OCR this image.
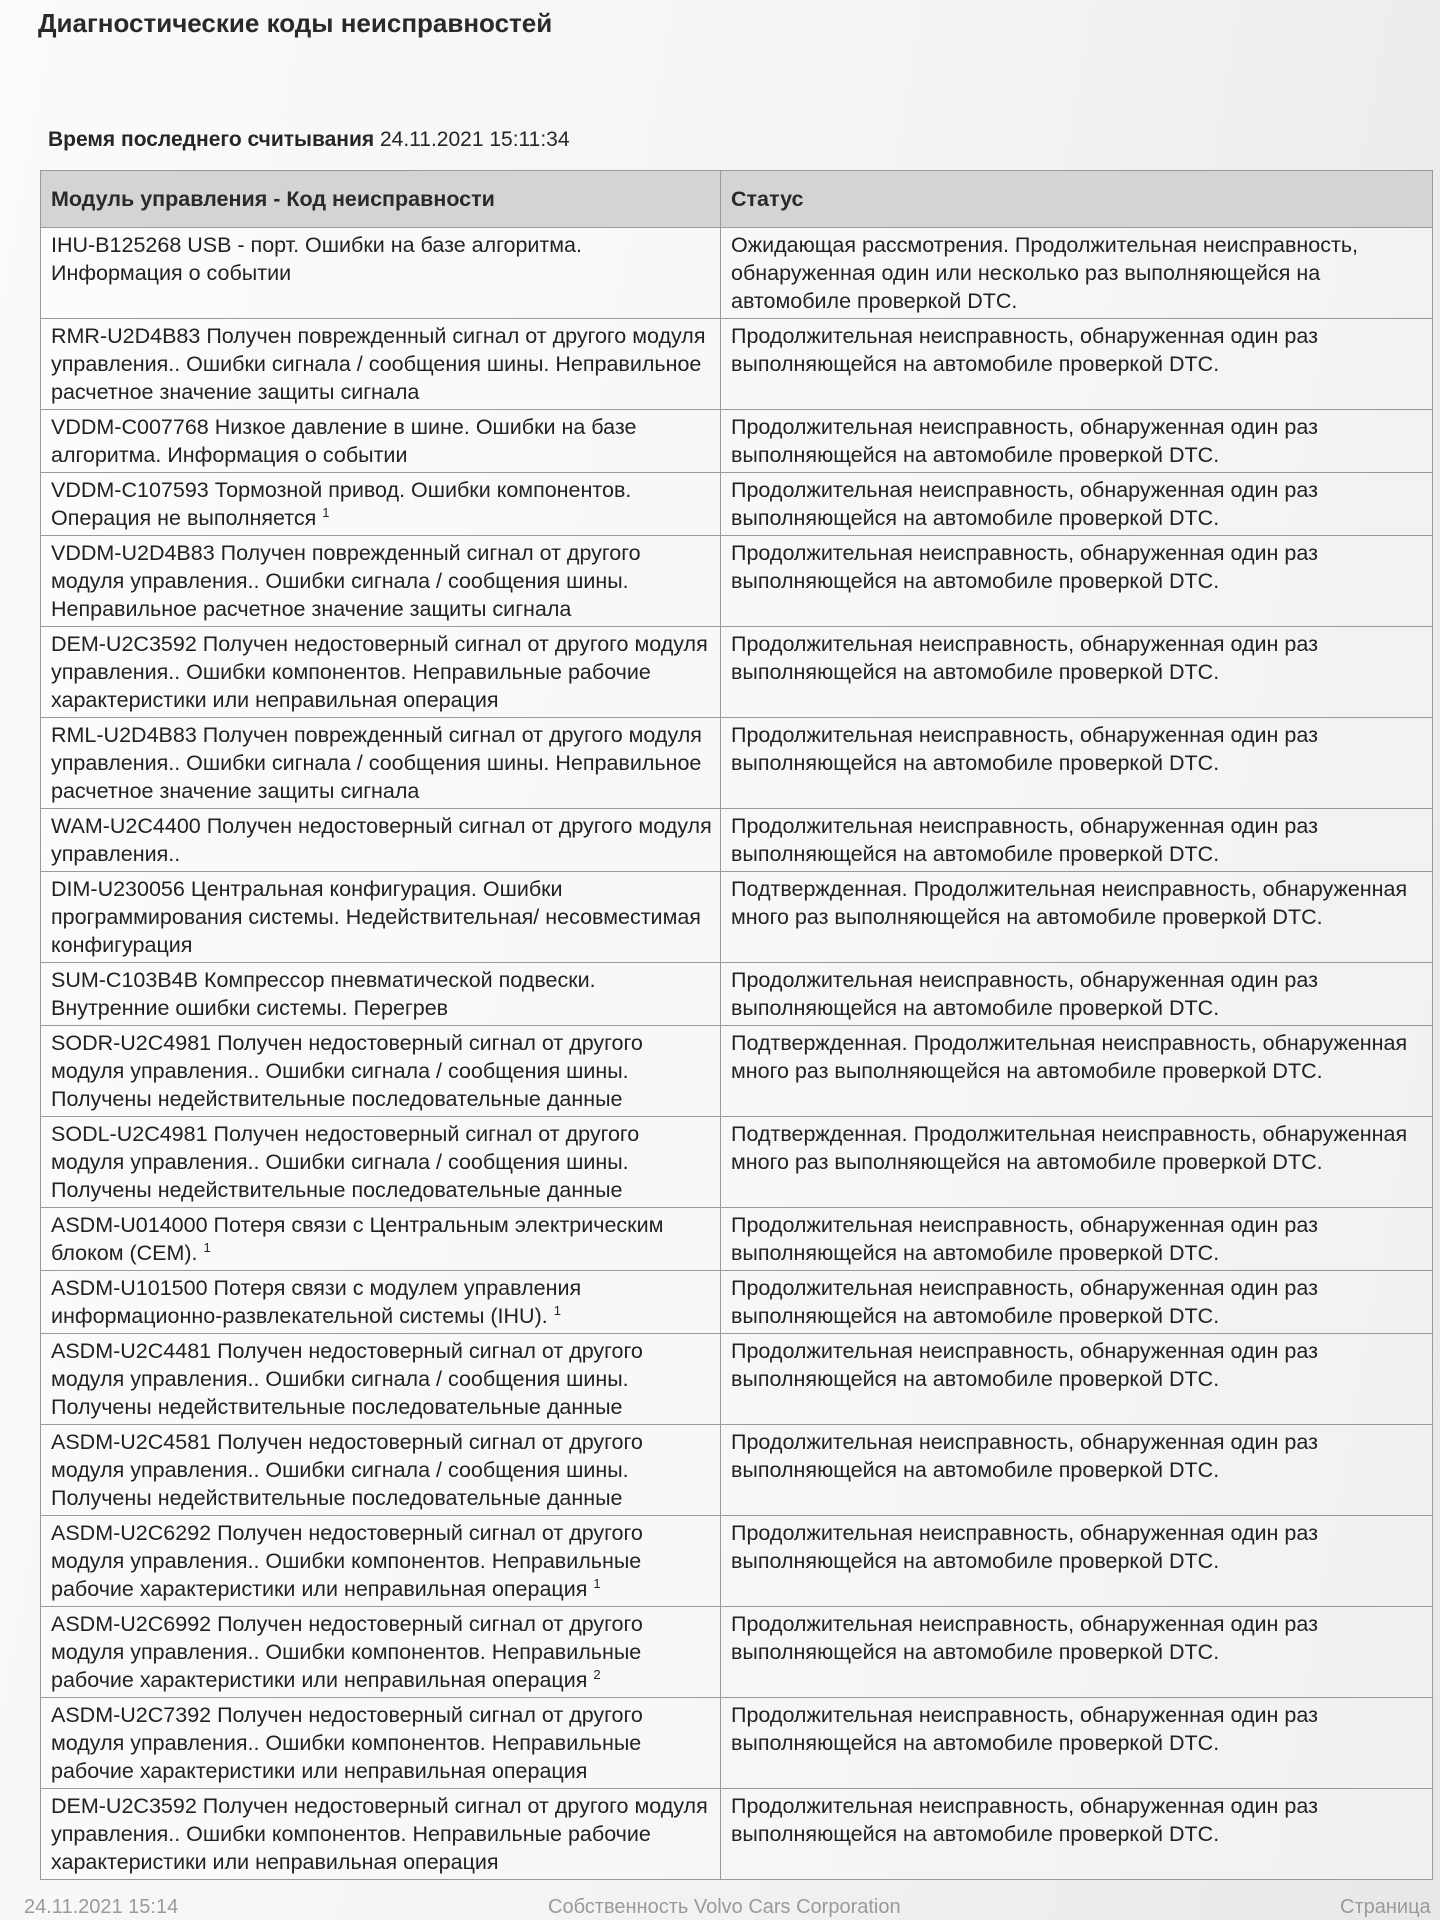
Диагностические коды неисправностей
Время последнего считывания 24.11.2021 15:11:34
Модуль управления - Код неисправности	Статус
IHU-B125268 USB - порт. Ошибки на базе алгоритма. Информация о событии	Ожидающая рассмотрения. Продолжительная неисправность, обнаруженная один или несколько раз выполняющейся на автомобиле проверкой DTC.
RMR-U2D4B83 Получен поврежденный сигнал от другого модуля управления.. Ошибки сигнала / сообщения шины. Неправильное расчетное значение защиты сигнала	Продолжительная неисправность, обнаруженная один раз выполняющейся на автомобиле проверкой DTC.
VDDM-C007768 Низкое давление в шине. Ошибки на базе алгоритма. Информация о событии	Продолжительная неисправность, обнаруженная один раз выполняющейся на автомобиле проверкой DTC.
VDDM-C107593 Тормозной привод. Ошибки компонентов. Операция не выполняется $^1$	Продолжительная неисправность, обнаруженная один раз выполняющейся на автомобиле проверкой DTC.
VDDM-U2D4B83 Получен поврежденный сигнал от другого модуля управления.. Ошибки сигнала / сообщения шины. Неправильное расчетное значение защиты сигнала	Продолжительная неисправность, обнаруженная один раз выполняющейся на автомобиле проверкой DTC.
DEM-U2C3592 Получен недостоверный сигнал от другого модуля управления.. Ошибки компонентов. Неправильные рабочие характеристики или неправильная операция	Продолжительная неисправность, обнаруженная один раз выполняющейся на автомобиле проверкой DTC.
RML-U2D4B83 Получен поврежденный сигнал от другого модуля управления.. Ошибки сигнала / сообщения шины. Неправильное расчетное значение защиты сигнала	Продолжительная неисправность, обнаруженная один раз выполняющейся на автомобиле проверкой DTC.
WAM-U2C4400 Получен недостоверный сигнал от другого модуля управления..	Продолжительная неисправность, обнаруженная один раз выполняющейся на автомобиле проверкой DTC.
DIM-U230056 Центральная конфигурация. Ошибки программирования системы. Недействительная/ несовместимая конфигурация	Подтвержденная. Продолжительная неисправность, обнаруженная много раз выполняющейся на автомобиле проверкой DTC.
SUM-C103B4B Компрессор пневматической подвески. Внутренние ошибки системы. Перегрев	Продолжительная неисправность, обнаруженная один раз выполняющейся на автомобиле проверкой DTC.
SODR-U2C4981 Получен недостоверный сигнал от другого модуля управления.. Ошибки сигнала / сообщения шины. Получены недействительные последовательные данные	Подтвержденная. Продолжительная неисправность, обнаруженная много раз выполняющейся на автомобиле проверкой DTC.
SODL-U2C4981 Получен недостоверный сигнал от другого модуля управления.. Ошибки сигнала / сообщения шины. Получены недействительные последовательные данные	Подтвержденная. Продолжительная неисправность, обнаруженная много раз выполняющейся на автомобиле проверкой DTC.
ASDM-U014000 Потеря связи с Центральным электрическим блоком (CEM). $^1$	Продолжительная неисправность, обнаруженная один раз выполняющейся на автомобиле проверкой DTC.
ASDM-U101500 Потеря связи с модулем управления информационно-развлекательной системы (IHU). $^1$	Продолжительная неисправность, обнаруженная один раз выполняющейся на автомобиле проверкой DTC.
ASDM-U2C4481 Получен недостоверный сигнал от другого модуля управления.. Ошибки сигнала / сообщения шины. Получены недействительные последовательные данные	Продолжительная неисправность, обнаруженная один раз выполняющейся на автомобиле проверкой DTC.
ASDM-U2C4581 Получен недостоверный сигнал от другого модуля управления.. Ошибки сигнала / сообщения шины. Получены недействительные последовательные данные	Продолжительная неисправность, обнаруженная один раз выполняющейся на автомобиле проверкой DTC.
ASDM-U2C6292 Получен недостоверный сигнал от другого модуля управления.. Ошибки компонентов. Неправильные рабочие характеристики или неправильная операция $^1$	Продолжительная неисправность, обнаруженная один раз выполняющейся на автомобиле проверкой DTC.
ASDM-U2C6992 Получен недостоверный сигнал от другого модуля управления.. Ошибки компонентов. Неправильные рабочие характеристики или неправильная операция $^2$	Продолжительная неисправность, обнаруженная один раз выполняющейся на автомобиле проверкой DTC.
ASDM-U2C7392 Получен недостоверный сигнал от другого модуля управления.. Ошибки компонентов. Неправильные рабочие характеристики или неправильная операция	Продолжительная неисправность, обнаруженная один раз выполняющейся на автомобиле проверкой DTC.
DEM-U2C3592 Получен недостоверный сигнал от другого модуля управления.. Ошибки компонентов. Неправильные рабочие характеристики или неправильная операция	Продолжительная неисправность, обнаруженная один раз выполняющейся на автомобиле проверкой DTC.
24.11.2021 15:14	Собственность Volvo Cars Corporation	Страница
